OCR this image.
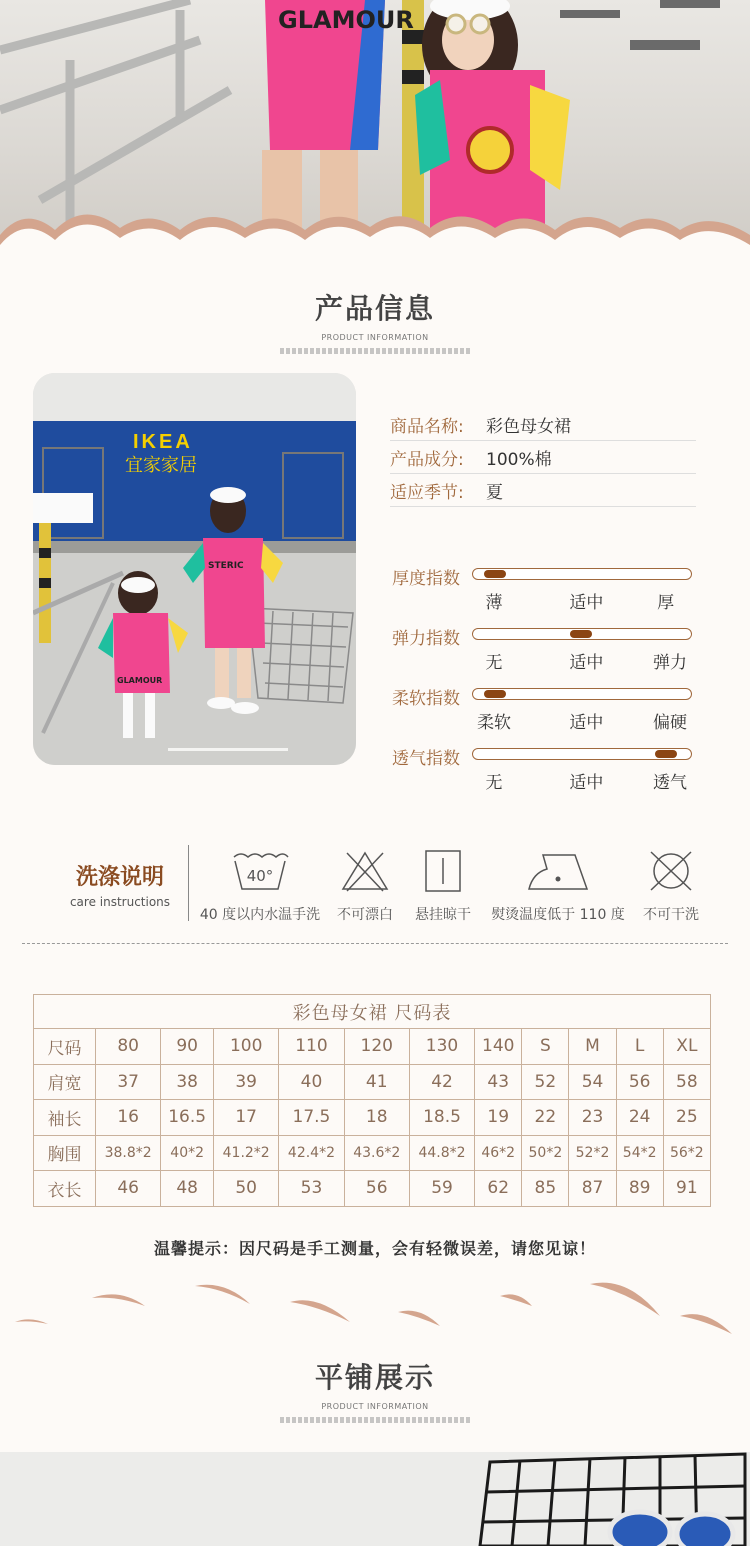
GLAMOUR
产品信息
PRODUCT INFORMATION
IKEA
宜家家居
STERIC
GLAMOUR
商品名称:	彩色母女裙
产品成分:	100%棉
适应季节:	夏
厚度指数
薄	适中	厚
弹力指数
无	适中	弹力
柔软指数
柔软	适中	偏硬
透气指数
无	适中	透气
洗涤说明
care instructions
40°
40 度以内水温手洗	不可漂白	悬挂晾干	熨烫温度低于 110 度	不可干洗
彩色母女裙 尺码表											
尺码	80	90	100	110	120	130	140	S	M	L	XL
肩宽	37	38	39	40	41	42	43	52	54	56	58
袖长	16	16.5	17	17.5	18	18.5	19	22	23	24	25
胸围	38.8*2	40*2	41.2*2	42.4*2	43.6*2	44.8*2	46*2	50*2	52*2	54*2	56*2
衣长	46	48	50	53	56	59	62	85	87	89	91
温馨提示：因尺码是手工测量，会有轻微误差，请您见谅！
平铺展示
PRODUCT INFORMATION
